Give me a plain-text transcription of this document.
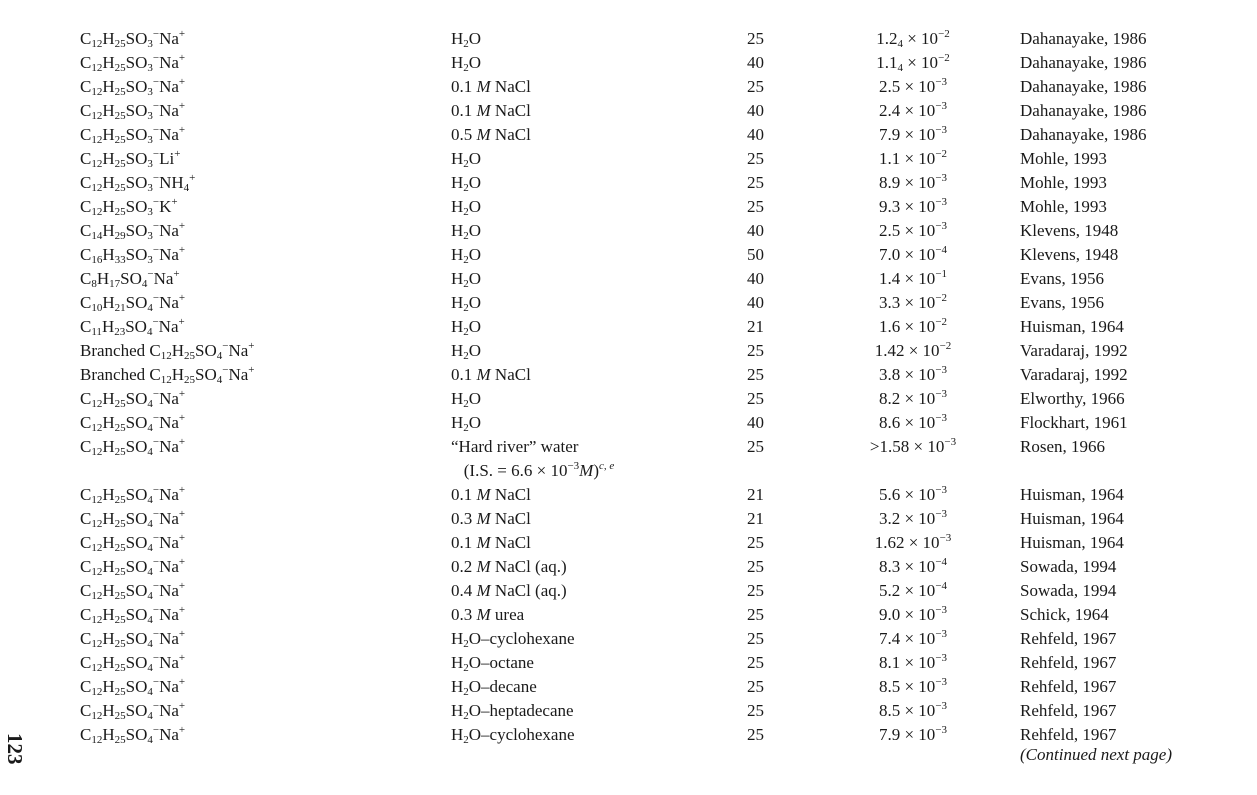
$C_{12}H_{25}SO_3^-Na^+$	$H_2O$	25	$1.2_4 \times 10^{-2}$	Dahanayake, 1986
$C_{12}H_{25}SO_3^-Na^+$	$H_2O$	40	$1.1_4 \times 10^{-2}$	Dahanayake, 1986
$C_{12}H_{25}SO_3^-Na^+$	0.1 M NaCl	25	$2.5 \times 10^{-3}$	Dahanayake, 1986
$C_{12}H_{25}SO_3^-Na^+$	0.1 M NaCl	40	$2.4 \times 10^{-3}$	Dahanayake, 1986
$C_{12}H_{25}SO_3^-Na^+$	0.5 M NaCl	40	$7.9 \times 10^{-3}$	Dahanayake, 1986
$C_{12}H_{25}SO_3^-Li^+$	$H_2O$	25	$1.1 \times 10^{-2}$	Mohle, 1993
$C_{12}H_{25}SO_3^-NH_4^+$	$H_2O$	25	$8.9 \times 10^{-3}$	Mohle, 1993
$C_{12}H_{25}SO_3^-K^+$	$H_2O$	25	$9.3 \times 10^{-3}$	Mohle, 1993
$C_{14}H_{29}SO_3^-Na^+$	$H_2O$	40	$2.5 \times 10^{-3}$	Klevens, 1948
$C_{16}H_{33}SO_3^-Na^+$	$H_2O$	50	$7.0 \times 10^{-4}$	Klevens, 1948
$C_8H_{17}SO_4^-Na^+$	$H_2O$	40	$1.4 \times 10^{-1}$	Evans, 1956
$C_{10}H_{21}SO_4^-Na^+$	$H_2O$	40	$3.3 \times 10^{-2}$	Evans, 1956
$C_{11}H_{23}SO_4^-Na^+$	$H_2O$	21	$1.6 \times 10^{-2}$	Huisman, 1964
Branched $C_{12}H_{25}SO_4^-Na^+$	$H_2O$	25	$1.42 \times 10^{-2}$	Varadaraj, 1992
Branched $C_{12}H_{25}SO_4^-Na^+$	0.1 M NaCl	25	$3.8 \times 10^{-3}$	Varadaraj, 1992
$C_{12}H_{25}SO_4^-Na^+$	$H_2O$	25	$8.2 \times 10^{-3}$	Elworthy, 1966
$C_{12}H_{25}SO_4^-Na^+$	$H_2O$	40	$8.6 \times 10^{-3}$	Flockhart, 1961
$C_{12}H_{25}SO_4^-Na^+$	“Hard river” water	25	$>1.58 \times 10^{-3}$	Rosen, 1966
(I.S. = $6.6 \times 10^{-3}M)^{c, e}$
$C_{12}H_{25}SO_4^-Na^+$	0.1 M NaCl	21	$5.6 \times 10^{-3}$	Huisman, 1964
$C_{12}H_{25}SO_4^-Na^+$	0.3 M NaCl	21	$3.2 \times 10^{-3}$	Huisman, 1964
$C_{12}H_{25}SO_4^-Na^+$	0.1 M NaCl	25	$1.62 \times 10^{-3}$	Huisman, 1964
$C_{12}H_{25}SO_4^-Na^+$	0.2 M NaCl (aq.)	25	$8.3 \times 10^{-4}$	Sowada, 1994
$C_{12}H_{25}SO_4^-Na^+$	0.4 M NaCl (aq.)	25	$5.2 \times 10^{-4}$	Sowada, 1994
$C_{12}H_{25}SO_4^-Na^+$	0.3 M urea	25	$9.0 \times 10^{-3}$	Schick, 1964
$C_{12}H_{25}SO_4^-Na^+$	$H_2O$–cyclohexane	25	$7.4 \times 10^{-3}$	Rehfeld, 1967
$C_{12}H_{25}SO_4^-Na^+$	$H_2O$–octane	25	$8.1 \times 10^{-3}$	Rehfeld, 1967
$C_{12}H_{25}SO_4^-Na^+$	$H_2O$–decane	25	$8.5 \times 10^{-3}$	Rehfeld, 1967
$C_{12}H_{25}SO_4^-Na^+$	$H_2O$–heptadecane	25	$8.5 \times 10^{-3}$	Rehfeld, 1967
$C_{12}H_{25}SO_4^-Na^+$	$H_2O$–cyclohexane	25	$7.9 \times 10^{-3}$	Rehfeld, 1967
(Continued next page)
123
